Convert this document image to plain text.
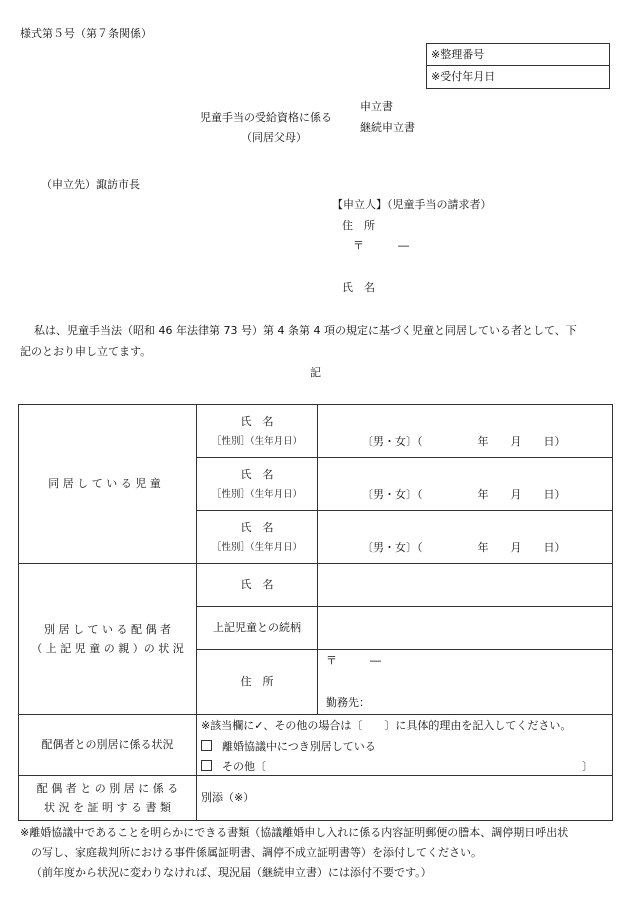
様式第５号（第７条関係）
※整理番号
※受付年月日
児童手当の受給資格に係る
（同居父母）
申立書
継続申立書
（申立先）諏訪市長
【申立人】（児童手当の請求者）
住　所
〒	―
氏　名
私は、児童手当法（昭和 46 年法律第 73 号）第 4 条第 4 項の規定に基づく児童と同居している者として、下
記のとおり申し立てます。
記
同 居 し て い る 児 童	氏　名
［性別］（生年月日）	〔男・女〕（　　　　　年　　月　　日）

	氏　名
［性別］（生年月日）	〔男・女〕（　　　　　年　　月　　日）

	氏　名
［性別］（生年月日）	〔男・女〕（　　　　　年　　月　　日）

別 居 し て い る 配 偶 者
（ 上 記 児 童 の 親 ）の 状 況	氏　名	
	上記児童との続柄	
	住　所	〒 ―
勤務先：

配偶者との別居に係る状況	※該当欄に✓、その他の場合は〔　　〕に具体的理由を記入してください。
離婚協議中につき別居している
その他〔 〕	

配 偶 者 と の 別 居 に 係 る
状 況 を 証 明 す る 書 類	別添（※）	
※離婚協議中であることを明らかにできる書類（協議離婚申し入れに係る内容証明郵便の謄本、調停期日呼出状
の写し、家庭裁判所における事件係属証明書、調停不成立証明書等）を添付してください。
（前年度から状況に変わりなければ、現況届（継続申立書）には添付不要です。）
